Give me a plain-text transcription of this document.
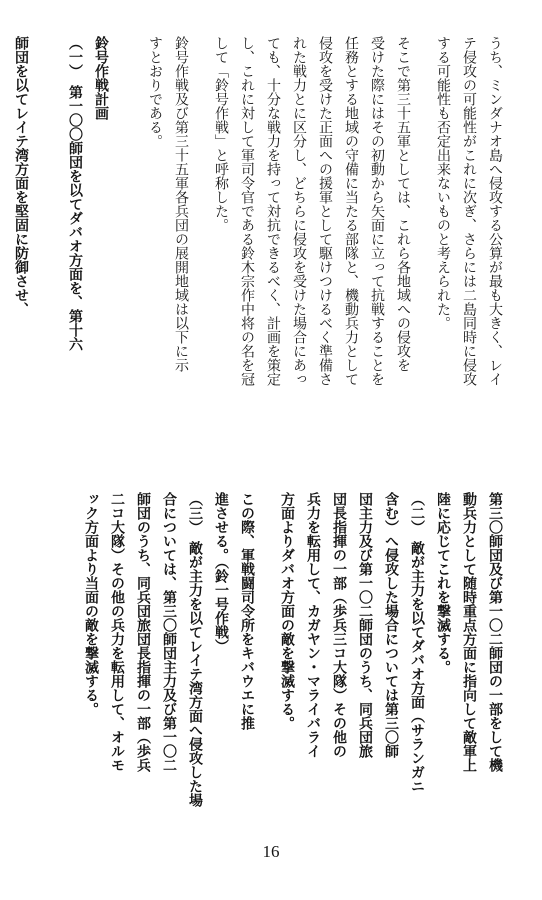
うち、ミンダナオ島へ侵攻する公算が最も大きく、レイ

テ侵攻の可能性がこれに次ぎ、さらには二島同時に侵攻

する可能性も否定出来ないものと考えられた。

そこで第三十五軍としては、これら各地域への侵攻を

受けた際にはその初動から矢面に立って抗戦することを

任務とする地域の守備に当たる部隊と、機動兵力として

侵攻を受けた正面への援軍として駆けつけるべく準備さ

れた戦力とに区分し、どちらに侵攻を受けた場合にあっ

ても、十分な戦力を持って対抗できるべく、計画を策定

し、これに対して軍司令官である鈴木宗作中将の名を冠

して「鈴号作戦」と呼称した。

鈴号作戦及び第三十五軍各兵団の展開地域は以下に示

すとおりである。

鈴号作戦計画

（一）　第一〇〇師団を以てダバオ方面を、第十六

師団を以てレイテ湾方面を堅固に防御させ、

第三〇師団及び第一〇二師団の一部をして機

動兵力として随時重点方面に指向して敵軍上

陸に応じてこれを撃滅する。

（二）　敵が主力を以てダバオ方面（サランガニ

含む）へ侵攻した場合については第三〇師

団主力及び第一〇二師団のうち、同兵団旅

団長指揮の一部（歩兵三コ大隊）その他の

兵力を転用して、カガヤン・マライバライ

方面よりダバオ方面の敵を撃滅する。

この際、軍戦闘司令所をキバウエに推

進させる。（鈴一号作戦）

（三）　敵が主力を以てレイテ湾方面へ侵攻した場

合については、第三〇師団主力及び第一〇二

師団のうち、同兵団旅団長指揮の一部（歩兵

二コ大隊）その他の兵力を転用して、オルモ

ック方面より当面の敵を撃滅する。

16
